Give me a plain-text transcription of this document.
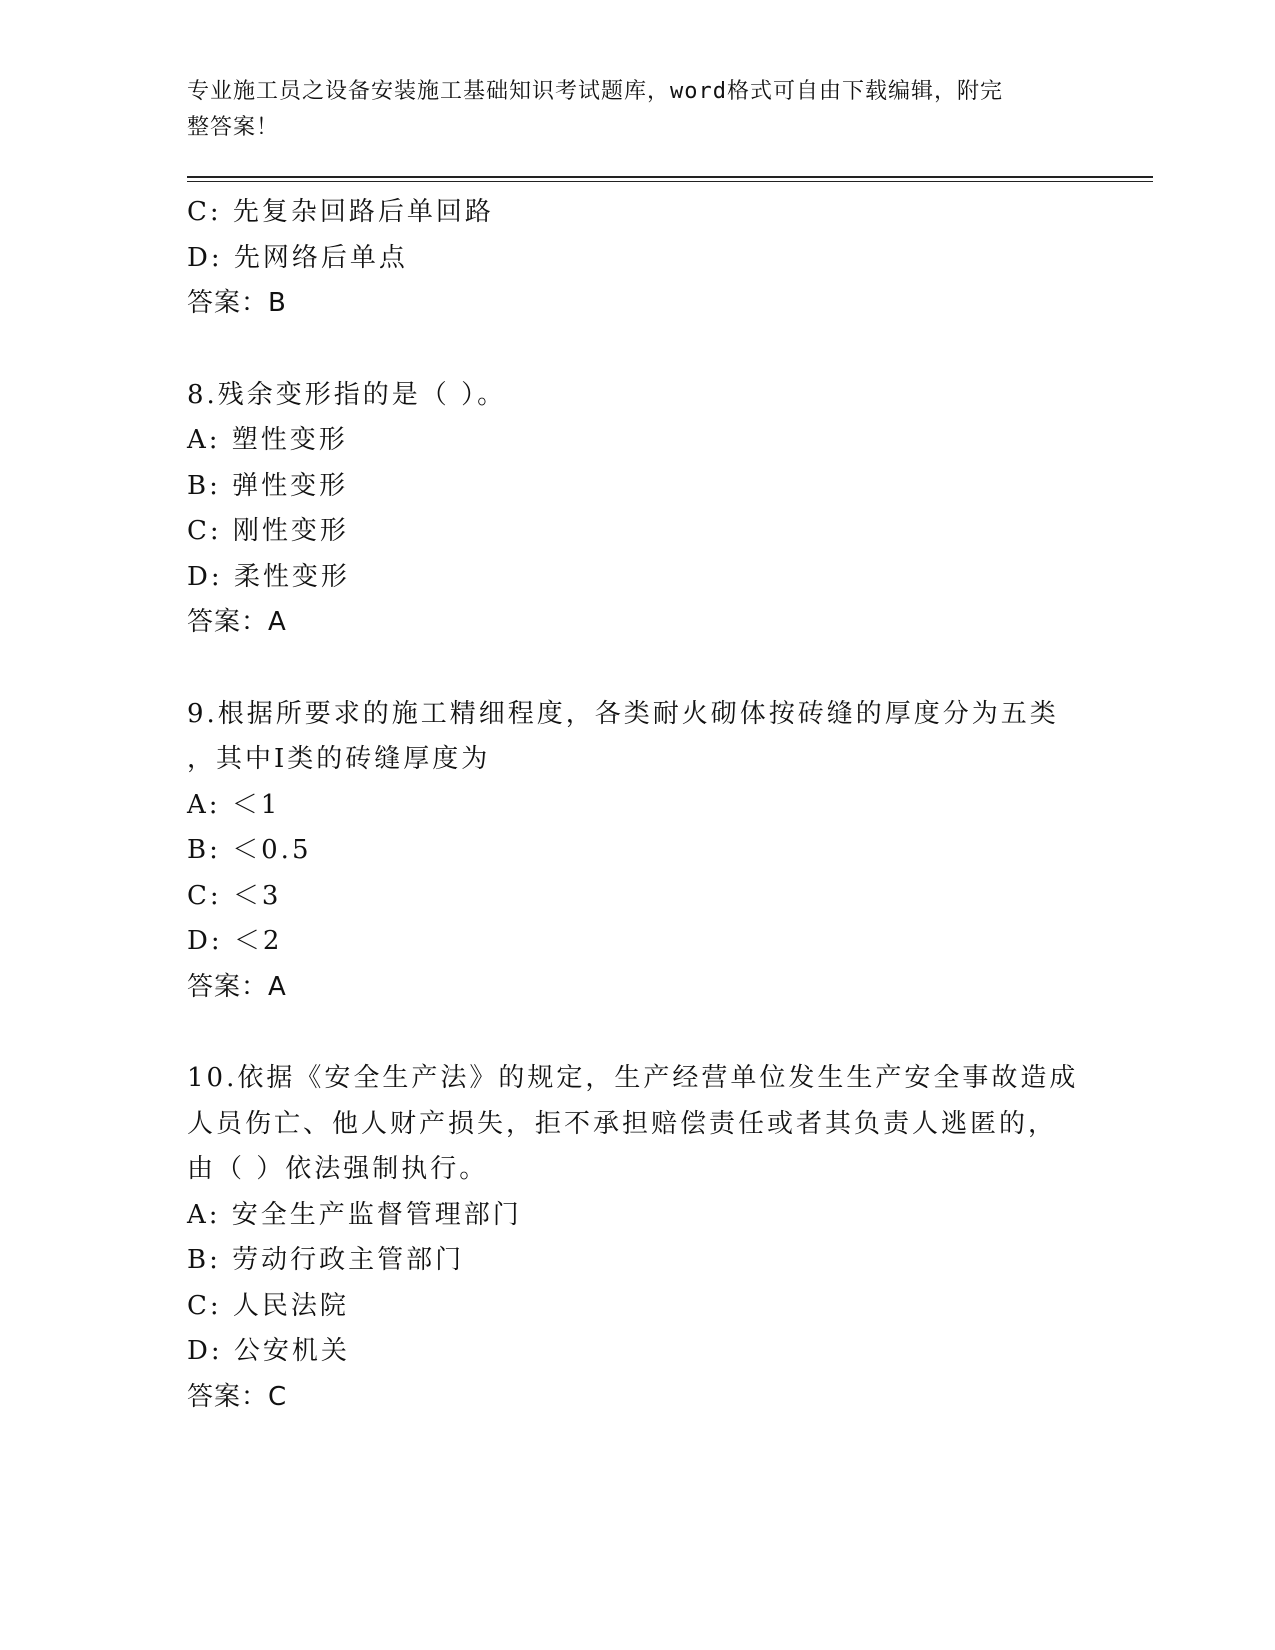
专业施工员之设备安装施工基础知识考试题库，word格式可自由下载编辑，附完
整答案！
C: 先复杂回路后单回路
D: 先网络后单点
答案：B
8.残余变形指的是（ ）。
A: 塑性变形
B: 弹性变形
C: 刚性变形
D: 柔性变形
答案：A
9.根据所要求的施工精细程度，各类耐火砌体按砖缝的厚度分为五类
，其中Ⅰ类的砖缝厚度为
A: ＜1
B: ＜0.5
C: ＜3
D: ＜2
答案：A
10.依据《安全生产法》的规定，生产经营单位发生生产安全事故造成
人员伤亡、他人财产损失，拒不承担赔偿责任或者其负责人逃匿的，
由（ ）依法强制执行。
A: 安全生产监督管理部门
B: 劳动行政主管部门
C: 人民法院
D: 公安机关
答案：C
